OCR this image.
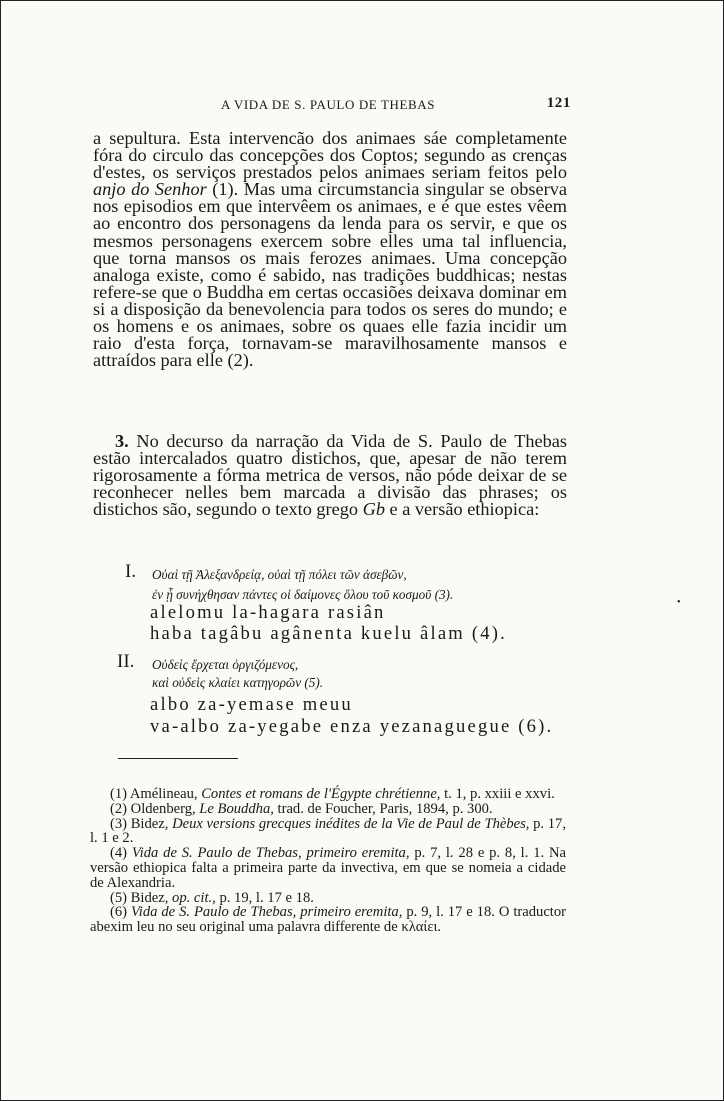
A VIDA DE S. PAULO DE THEBAS	121

a sepultura. Esta intervencão dos animaes sáe completamente fóra do circulo das concepções dos Coptos; segundo as crenças d'estes, os serviços prestados pelos animaes seriam feitos pelo anjo do Senhor (1). Mas uma circumstancia singular se observa nos episodios em que intervêem os animaes, e é que estes vêem ao encontro dos personagens da lenda para os servir, e que os mesmos personagens exercem sobre elles uma tal influencia, que torna mansos os mais ferozes animaes. Uma concepção analoga existe, como é sabido, nas tradições buddhicas; nestas refere-se que o Buddha em certas occasiões deixava dominar em si a disposição da benevolencia para todos os seres do mundo; e os homens e os animaes, sobre os quaes elle fazia incidir um raio d'esta força, tornavam-se maravilhosamente mansos e attraídos para elle (2).

3. No decurso da narração da Vida de S. Paulo de Thebas estão intercalados quatro distichos, que, apesar de não terem rigorosamente a fórma metrica de versos, não póde deixar de se reconhecer nelles bem marcada a divisão das phrases; os distichos são, segundo o texto grego Gb e a versão ethiopica:

I. Οὐαὶ τῇ Ἀλεξανδρείᾳ, οὐαὶ τῇ πόλει τῶν ἀσεβῶν,
ἐν ᾗ συνήχθησαν πάντες οἱ δαίμονες ὅλου τοῦ κοσμοῦ (3).
alelomu la-hagara rasiân
haba tagâbu agânenta kuelu âlam (4).
II. Οὐδεὶς ἔρχεται ὀργιζόμενος,
καὶ οὐδεὶς κλαίει κατηγορῶν (5).
albo za-yemase meuu
va-albo za-yegabe enza yezanaguegue (6).

(1) Amélineau, Contes et romans de l'Égypte chrétienne, t. 1, p. xxiii e xxvi.

(2) Oldenberg, Le Bouddha, trad. de Foucher, Paris, 1894, p. 300.

(3) Bidez, Deux versions grecques inédites de la Vie de Paul de Thèbes, p. 17, l. 1 e 2.

(4) Vida de S. Paulo de Thebas, primeiro eremita, p. 7, l. 28 e p. 8, l. 1. Na versão ethiopica falta a primeira parte da invectiva, em que se nomeia a cidade de Alexandria.

(5) Bidez, op. cit., p. 19, l. 17 e 18.

(6) Vida de S. Paulo de Thebas, primeiro eremita, p. 9, l. 17 e 18. O traductor abexim leu no seu original uma palavra differente de κλαίει.

•
